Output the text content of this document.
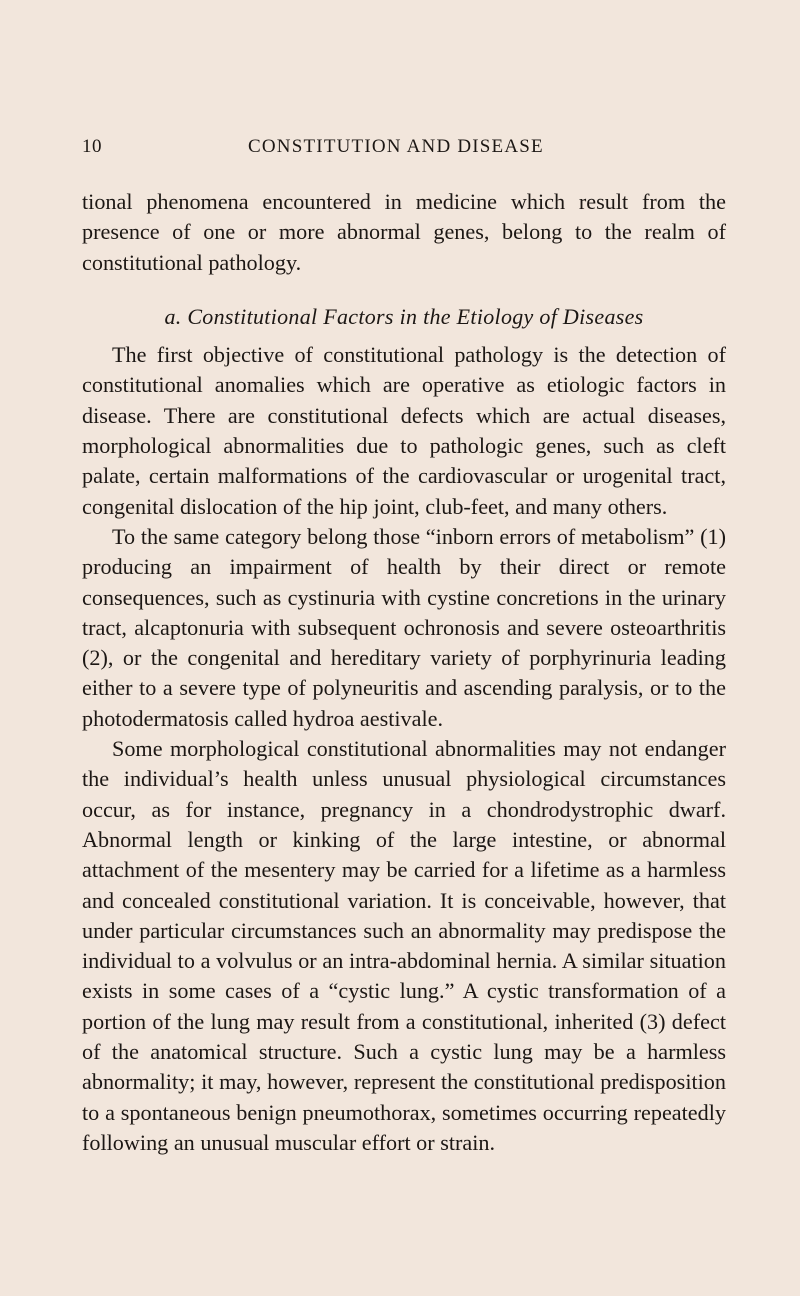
10	CONSTITUTION AND DISEASE

tional phenomena encountered in medicine which result from the presence of one or more abnormal genes, belong to the realm of constitutional pathology.

a. Constitutional Factors in the Etiology of Diseases

The first objective of constitutional pathology is the detection of constitutional anomalies which are operative as etiologic factors in disease. There are constitutional defects which are actual diseases, morphological abnormalities due to pathologic genes, such as cleft palate, certain malformations of the cardiovascular or urogenital tract, congenital dislocation of the hip joint, club-feet, and many others.

To the same category belong those “inborn errors of metabolism” (1) producing an impairment of health by their direct or remote consequences, such as cystinuria with cystine concretions in the urinary tract, alcaptonuria with subsequent ochronosis and severe osteoarthritis (2), or the congenital and hereditary variety of porphyrinuria leading either to a severe type of polyneuritis and ascending paralysis, or to the photodermatosis called hydroa aestivale.

Some morphological constitutional abnormalities may not endanger the individual’s health unless unusual physiological circumstances occur, as for instance, pregnancy in a chondrodystrophic dwarf. Abnormal length or kinking of the large intestine, or abnormal attachment of the mesentery may be carried for a lifetime as a harmless and concealed constitutional variation. It is conceivable, however, that under particular circumstances such an abnormality may predispose the individual to a volvulus or an intra-abdominal hernia. A similar situation exists in some cases of a “cystic lung.” A cystic transformation of a portion of the lung may result from a constitutional, inherited (3) defect of the anatomical structure. Such a cystic lung may be a harmless abnormality; it may, however, represent the constitutional predisposition to a spontaneous benign pneumothorax, sometimes occurring repeatedly following an unusual muscular effort or strain.
